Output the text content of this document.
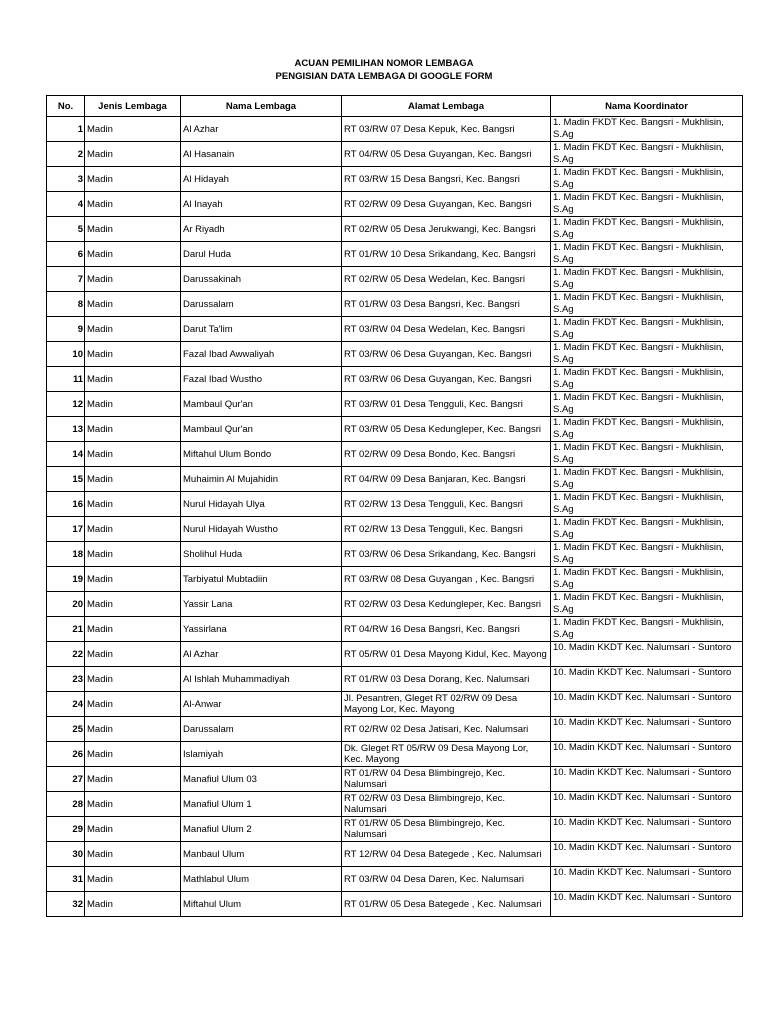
ACUAN PEMILIHAN NOMOR LEMBAGA
PENGISIAN DATA LEMBAGA DI GOOGLE FORM
No.	Jenis Lembaga	Nama Lembaga	Alamat Lembaga	Nama Koordinator
1	Madin	Al Azhar	RT 03/RW 07 Desa Kepuk, Kec. Bangsri	1. Madin FKDT Kec. Bangsri - Mukhlisin, S.Ag
2	Madin	Al Hasanain	RT 04/RW 05 Desa Guyangan, Kec. Bangsri	1. Madin FKDT Kec. Bangsri - Mukhlisin, S.Ag
3	Madin	Al Hidayah	RT 03/RW 15 Desa Bangsri, Kec. Bangsri	1. Madin FKDT Kec. Bangsri - Mukhlisin, S.Ag
4	Madin	Al Inayah	RT 02/RW 09 Desa Guyangan, Kec. Bangsri	1. Madin FKDT Kec. Bangsri - Mukhlisin, S.Ag
5	Madin	Ar Riyadh	RT 02/RW 05 Desa Jerukwangi, Kec. Bangsri	1. Madin FKDT Kec. Bangsri - Mukhlisin, S.Ag
6	Madin	Darul Huda	RT 01/RW 10 Desa Srikandang, Kec. Bangsri	1. Madin FKDT Kec. Bangsri - Mukhlisin, S.Ag
7	Madin	Darussakinah	RT 02/RW 05 Desa Wedelan, Kec. Bangsri	1. Madin FKDT Kec. Bangsri - Mukhlisin, S.Ag
8	Madin	Darussalam	RT 01/RW 03 Desa Bangsri, Kec. Bangsri	1. Madin FKDT Kec. Bangsri - Mukhlisin, S.Ag
9	Madin	Darut Ta'lim	RT 03/RW 04 Desa Wedelan, Kec. Bangsri	1. Madin FKDT Kec. Bangsri - Mukhlisin, S.Ag
10	Madin	Fazal Ibad Awwaliyah	RT 03/RW 06 Desa Guyangan, Kec. Bangsri	1. Madin FKDT Kec. Bangsri - Mukhlisin, S.Ag
11	Madin	Fazal Ibad Wustho	RT 03/RW 06 Desa Guyangan, Kec. Bangsri	1. Madin FKDT Kec. Bangsri - Mukhlisin, S.Ag
12	Madin	Mambaul Qur'an	RT 03/RW 01 Desa Tengguli, Kec. Bangsri	1. Madin FKDT Kec. Bangsri - Mukhlisin, S.Ag
13	Madin	Mambaul Qur'an	RT 03/RW 05 Desa Kedungleper, Kec. Bangsri	1. Madin FKDT Kec. Bangsri - Mukhlisin, S.Ag
14	Madin	Miftahul Ulum Bondo	RT 02/RW 09 Desa Bondo, Kec. Bangsri	1. Madin FKDT Kec. Bangsri - Mukhlisin, S.Ag
15	Madin	Muhaimin Al Mujahidin	RT 04/RW 09 Desa Banjaran, Kec. Bangsri	1. Madin FKDT Kec. Bangsri - Mukhlisin, S.Ag
16	Madin	Nurul Hidayah Ulya	RT 02/RW 13 Desa Tengguli, Kec. Bangsri	1. Madin FKDT Kec. Bangsri - Mukhlisin, S.Ag
17	Madin	Nurul Hidayah Wustho	RT 02/RW 13 Desa Tengguli, Kec. Bangsri	1. Madin FKDT Kec. Bangsri - Mukhlisin, S.Ag
18	Madin	Sholihul Huda	RT 03/RW 06 Desa Srikandang, Kec. Bangsri	1. Madin FKDT Kec. Bangsri - Mukhlisin, S.Ag
19	Madin	Tarbiyatul Mubtadiin	RT 03/RW 08 Desa Guyangan , Kec. Bangsri	1. Madin FKDT Kec. Bangsri - Mukhlisin, S.Ag
20	Madin	Yassir Lana	RT 02/RW 03 Desa Kedungleper, Kec. Bangsri	1. Madin FKDT Kec. Bangsri - Mukhlisin, S.Ag
21	Madin	Yassirlana	RT 04/RW 16 Desa Bangsri, Kec. Bangsri	1. Madin FKDT Kec. Bangsri - Mukhlisin, S.Ag
22	Madin	Al Azhar	RT 05/RW 01 Desa Mayong Kidul, Kec. Mayong	10. Madin KKDT Kec. Nalumsari - Suntoro
23	Madin	Al Ishlah Muhammadiyah	RT 01/RW 03 Desa Dorang, Kec. Nalumsari	10. Madin KKDT Kec. Nalumsari - Suntoro
24	Madin	Al-Anwar	Jl. Pesantren, Gleget RT 02/RW 09 Desa Mayong Lor, Kec. Mayong	10. Madin KKDT Kec. Nalumsari - Suntoro
25	Madin	Darussalam	RT 02/RW 02 Desa Jatisari, Kec. Nalumsari	10. Madin KKDT Kec. Nalumsari - Suntoro
26	Madin	Islamiyah	Dk. Gleget RT 05/RW 09 Desa Mayong Lor, Kec. Mayong	10. Madin KKDT Kec. Nalumsari - Suntoro
27	Madin	Manafiul Ulum 03	RT 01/RW 04 Desa Blimbingrejo, Kec. Nalumsari	10. Madin KKDT Kec. Nalumsari - Suntoro
28	Madin	Manafiul Ulum 1	RT 02/RW 03 Desa Blimbingrejo, Kec. Nalumsari	10. Madin KKDT Kec. Nalumsari - Suntoro
29	Madin	Manafiul Ulum 2	RT 01/RW 05 Desa Blimbingrejo, Kec. Nalumsari	10. Madin KKDT Kec. Nalumsari - Suntoro
30	Madin	Manbaul Ulum	RT 12/RW 04 Desa Bategede , Kec. Nalumsari	10. Madin KKDT Kec. Nalumsari - Suntoro
31	Madin	Mathlabul Ulum	RT 03/RW 04 Desa Daren, Kec. Nalumsari	10. Madin KKDT Kec. Nalumsari - Suntoro
32	Madin	Miftahul Ulum	RT 01/RW 05 Desa Bategede , Kec. Nalumsari	10. Madin KKDT Kec. Nalumsari - Suntoro
